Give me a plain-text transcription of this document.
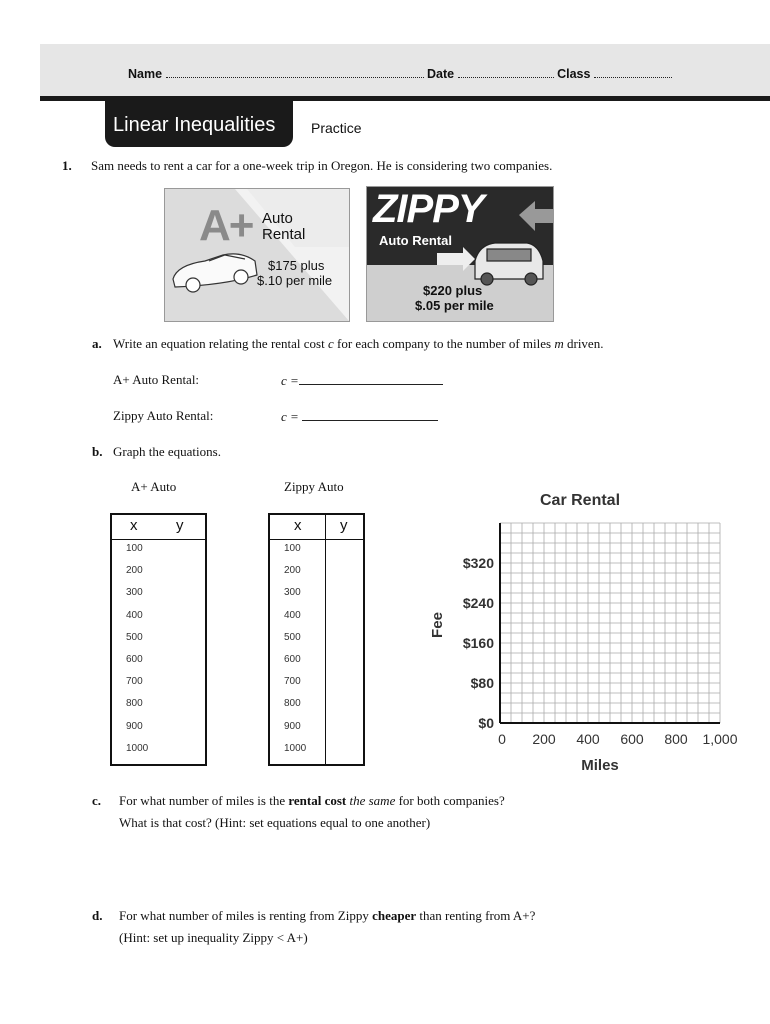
Name	Date	Class
Linear Inequalities	Practice
1. Sam needs to rent a car for a one-week trip in Oregon. He is considering two companies.
A+ Auto
Rental
$175 plus
$.10 per mile
ZIPPY
Auto Rental
$220 plus
$.05 per mile
a. Write an equation relating the rental cost c for each company to the number of miles m driven.
A+ Auto Rental:	c =
Zippy Auto Rental:	c =
b. Graph the equations.
A+ Auto	Zippy Auto
x	y
100
200
300
400
500
600
700
800
900
1000
x	y
100
200
300
400
500
600
700
800
900
1000
Car Rental
0 200 400 600 800 1,000
$0
$80
$160
$240
$320
Miles
Fee
c. For what number of miles is the rental cost the same for both companies?
What is that cost? (Hint: set equations equal to one another)
d. For what number of miles is renting from Zippy cheaper than renting from A+?
(Hint: set up inequality Zippy < A+)
